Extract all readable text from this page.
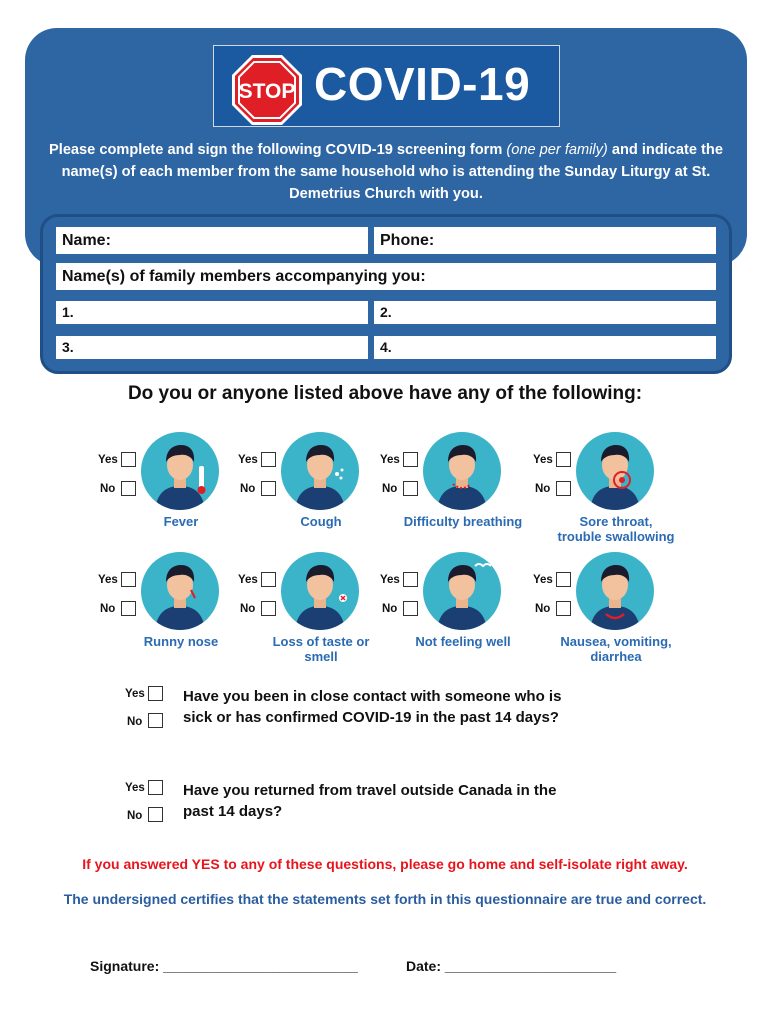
STOP COVID-19
Please complete and sign the following COVID-19 screening form (one per family) and indicate the name(s) of each member from the same household who is attending the Sunday Liturgy at St. Demetrius Church with you.
Name:	Phone:
Name(s) of family members accompanying you:
1.	2.
3.	4.
Do you or anyone listed above have any of the following:
Yes
No
Fever
Yes
No
Cough
Yes
No
Difficulty breathing
Yes
No
Sore throat,
trouble swallowing
Yes
No
Runny nose
Yes
No
Loss of taste or
smell
Yes
No
Not feeling well
Yes
No
Nausea, vomiting,
diarrhea
Yes
No
Have you been in close contact with someone who is
sick or has confirmed COVID-19 in the past 14 days?
Yes
No
Have you returned from travel outside Canada in the
past 14 days?
If you answered YES to any of these questions, please go home and self-isolate right away.
The undersigned certifies that the statements set forth in this questionnaire are true and correct.
Signature: _________________________	Date: ______________________
